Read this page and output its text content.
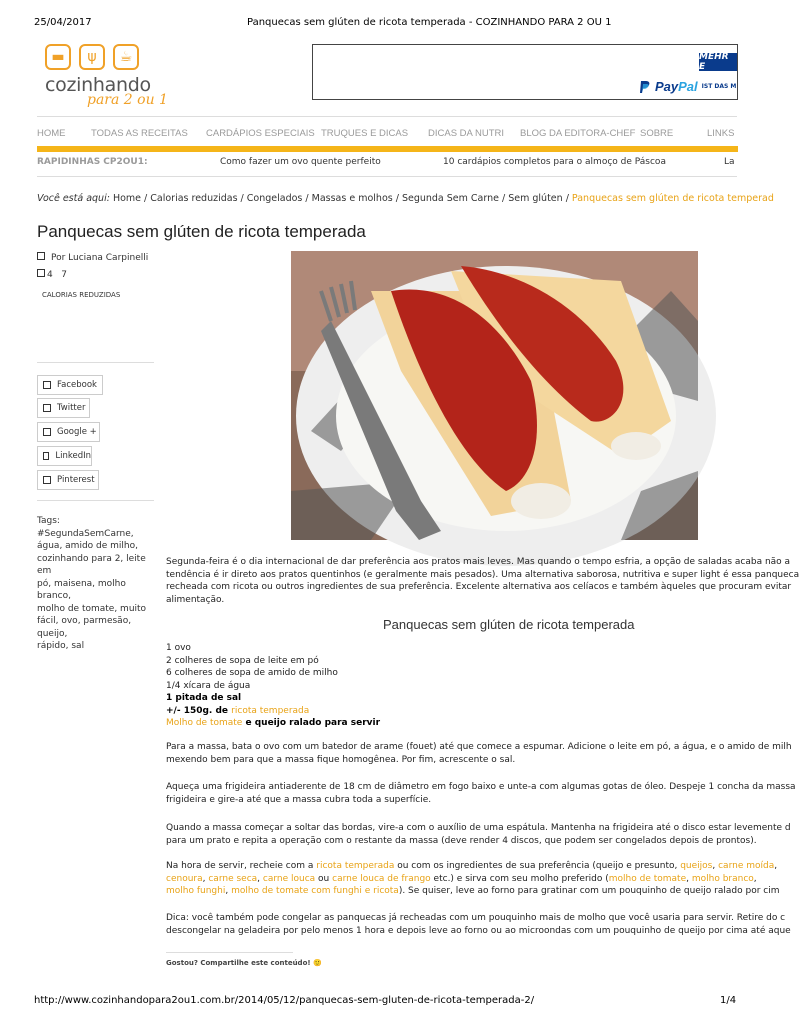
25/04/2017	Panquecas sem glúten de ricota temperada - COZINHANDO PARA 2 OU 1
▬	ψ	☕
cozinhando
para 2 ou 1
MEHR E
PayPal IST DAS M
HOME	TODAS AS RECEITAS CARDÁPIOS ESPECIAIS TRUQUES E DICAS DICAS DA NUTRI BLOG DA EDITORA-CHEF SOBRE	LINKS
RAPIDINHAS CP2OU1:	Como fazer um ovo quente perfeito	10 cardápios completos para o almoço de Páscoa	La
Você está aqui: Home / Calorias reduzidas / Congelados / Massas e molhos / Segunda Sem Carne / Sem glúten / Panquecas sem glúten de ricota temperad
Panquecas sem glúten de ricota temperada
Por Luciana Carpinelli
4   7
CALORIAS REDUZIDAS
Facebook
Twitter
Google +
LinkedIn
Pinterest
Tags: #SegundaSemCarne,
água, amido de milho,
cozinhando para 2, leite em
pó, maisena, molho branco,
molho de tomate, muito
fácil, ovo, parmesão, queijo,
rápido, sal
Segunda-feira é o dia internacional de dar preferência aos pratos mais leves. Mas quando o tempo esfria, a opção de saladas acaba não a
tendência é ir direto aos pratos quentinhos (e geralmente mais pesados). Uma alternativa saborosa, nutritiva e super light é essa panqueca
recheada com ricota ou outros ingredientes de sua preferência. Excelente alternativa aos celíacos e também àqueles que procuram evitar
alimentação.
Panquecas sem glúten de ricota temperada
1 ovo
2 colheres de sopa de leite em pó
6 colheres de sopa de amido de milho
1/4 xícara de água
1 pitada de sal
+/- 150g. de ricota temperada
Molho de tomate e queijo ralado para servir
Para a massa, bata o ovo com um batedor de arame (fouet) até que comece a espumar. Adicione o leite em pó, a água, e o amido de milh
mexendo bem para que a massa fique homogênea. Por fim, acrescente o sal.
Aqueça uma frigideira antiaderente de 18 cm de diâmetro em fogo baixo e unte-a com algumas gotas de óleo. Despeje 1 concha da massa
frigideira e gire-a até que a massa cubra toda a superfície.
Quando a massa começar a soltar das bordas, vire-a com o auxílio de uma espátula. Mantenha na frigideira até o disco estar levemente d
para um prato e repita a operação com o restante da massa (deve render 4 discos, que podem ser congelados depois de prontos).
Na hora de servir, recheie com a ricota temperada ou com os ingredientes de sua preferência (queijo e presunto, queijos, carne moída,
cenoura, carne seca, carne louca ou carne louca de frango etc.) e sirva com seu molho preferido (molho de tomate, molho branco,
molho funghi, molho de tomate com funghi e ricota). Se quiser, leve ao forno para gratinar com um pouquinho de queijo ralado por cim
Dica: você também pode congelar as panquecas já recheadas com um pouquinho mais de molho que você usaria para servir. Retire do c
descongelar na geladeira por pelo menos 1 hora e depois leve ao forno ou ao microondas com um pouquinho de queijo por cima até aque
Gostou? Compartilhe este conteúdo! 🙂
http://www.cozinhandopara2ou1.com.br/2014/05/12/panquecas-sem-gluten-de-ricota-temperada-2/	1/4
